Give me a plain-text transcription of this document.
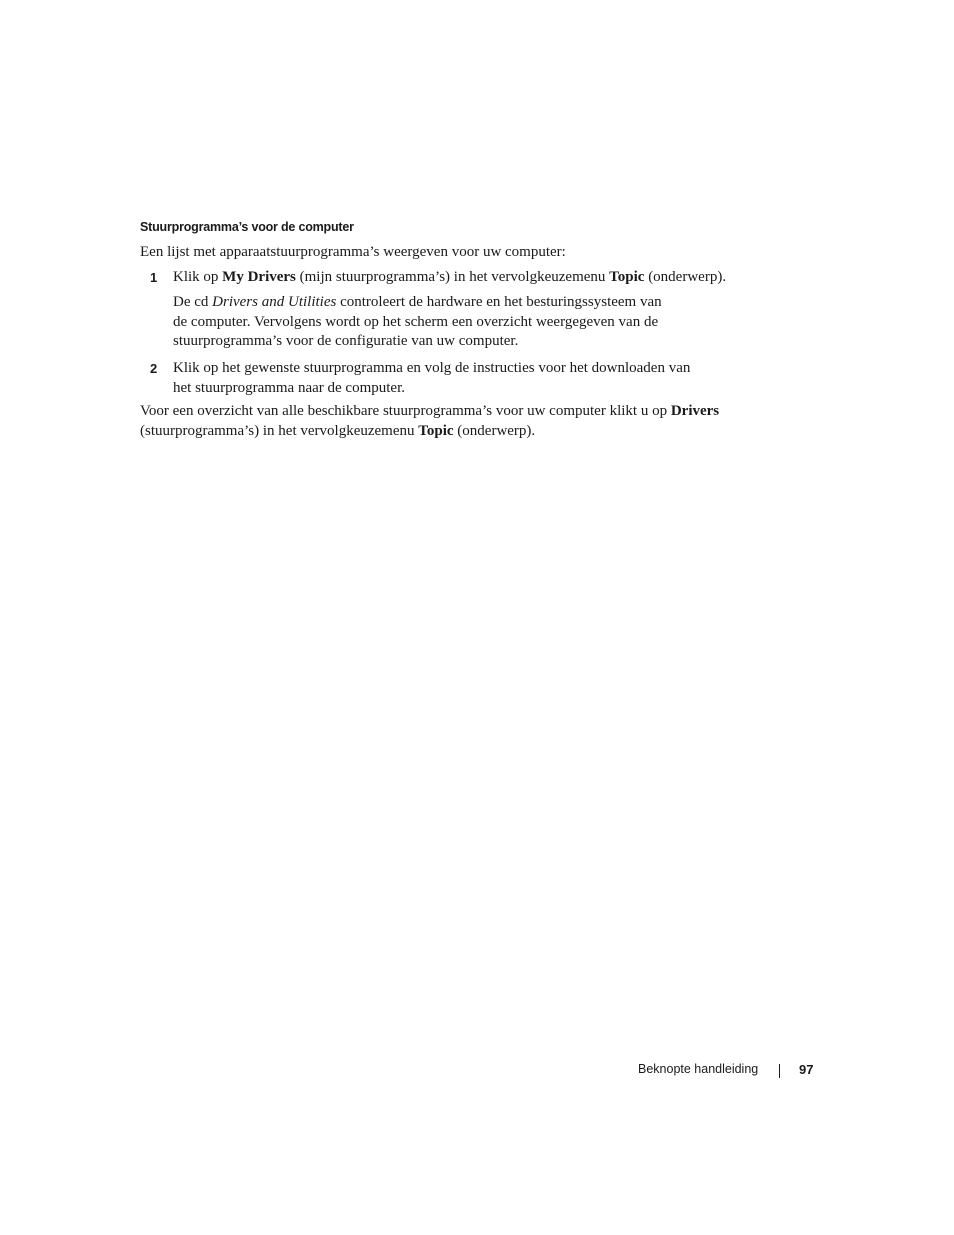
Stuurprogramma’s voor de computer
Een lijst met apparaatstuurprogramma’s weergeven voor uw computer:
1 Klik op My Drivers (mijn stuurprogramma’s) in het vervolgkeuzemenu Topic (onderwerp).
De cd Drivers and Utilities controleert de hardware en het besturingssysteem van
de computer. Vervolgens wordt op het scherm een overzicht weergegeven van de
stuurprogramma’s voor de configuratie van uw computer.
2 Klik op het gewenste stuurprogramma en volg de instructies voor het downloaden van
het stuurprogramma naar de computer.
Voor een overzicht van alle beschikbare stuurprogramma’s voor uw computer klikt u op Drivers
(stuurprogramma’s) in het vervolgkeuzemenu Topic (onderwerp).
Beknopte handleiding	97
